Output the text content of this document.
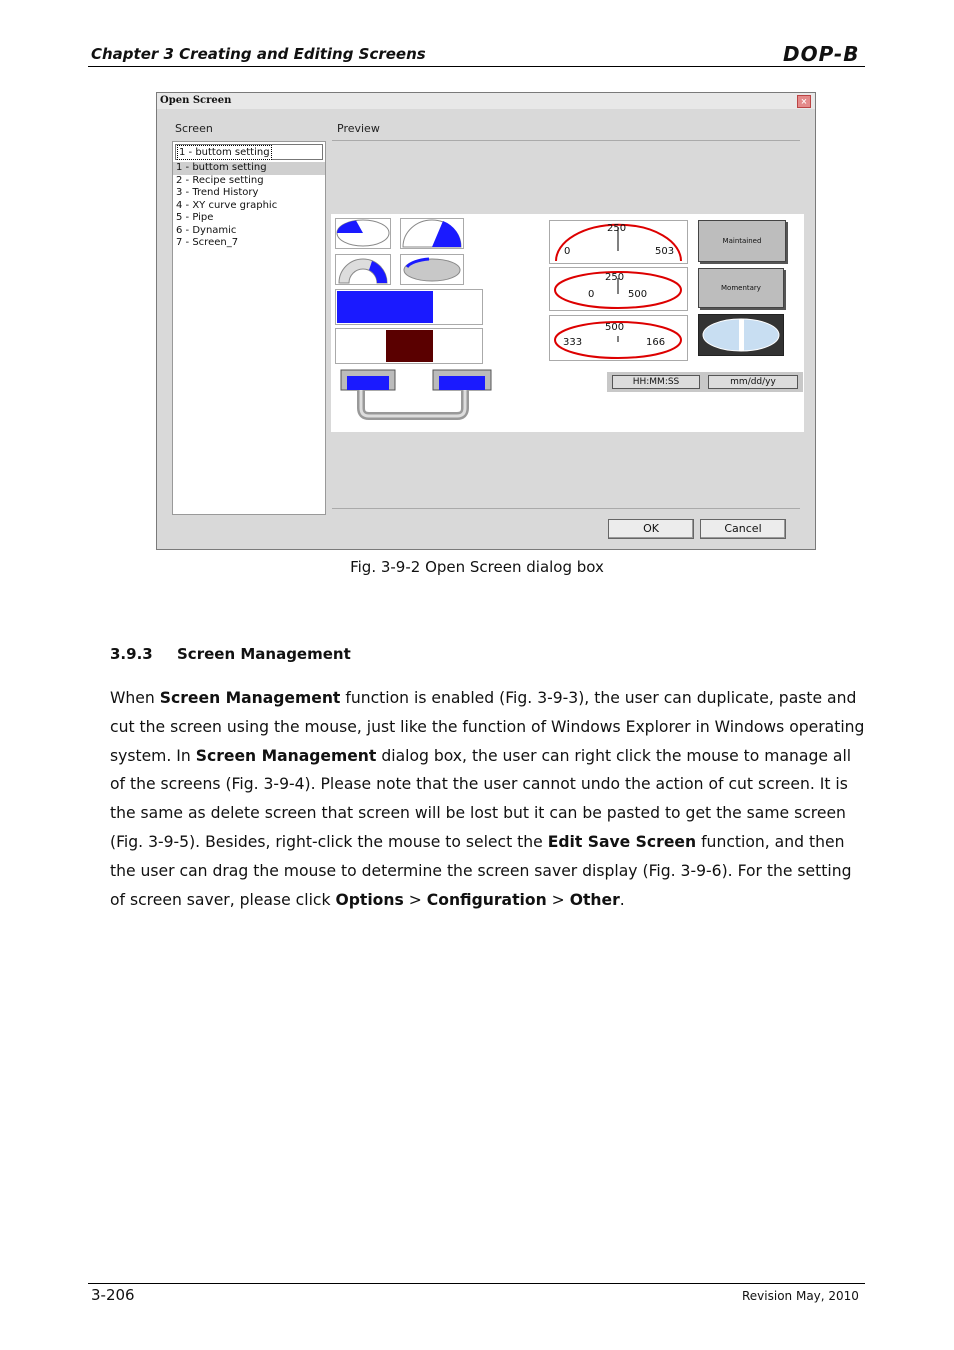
Chapter 3 Creating and Editing Screens	DOP-B
Open Screen	×
Screen	Preview
1 - buttom setting
1 - buttom setting
2 - Recipe setting
3 - Trend History
4 - XY curve graphic
5 - Pipe
6 - Dynamic
7 - Screen_7
250
0	503
250
0	500
500
333	166
Maintained
Momentary
HH:MM:SS	mm/dd/yy
OK	Cancel
Fig. 3-9-2 Open Screen dialog box
3.9.3 Screen Management
When Screen Management function is enabled (Fig. 3-9-3), the user can duplicate, paste and cut the screen using the mouse, just like the function of Windows Explorer in Windows operating system. In Screen Management dialog box, the user can right click the mouse to manage all of the screens (Fig. 3-9-4). Please note that the user cannot undo the action of cut screen. It is the same as delete screen that screen will be lost but it can be pasted to get the same screen (Fig. 3-9-5). Besides, right-click the mouse to select the Edit Save Screen function, and then the user can drag the mouse to determine the screen saver display (Fig. 3-9-6). For the setting of screen saver, please click Options > Configuration > Other.
3-206	Revision May, 2010
